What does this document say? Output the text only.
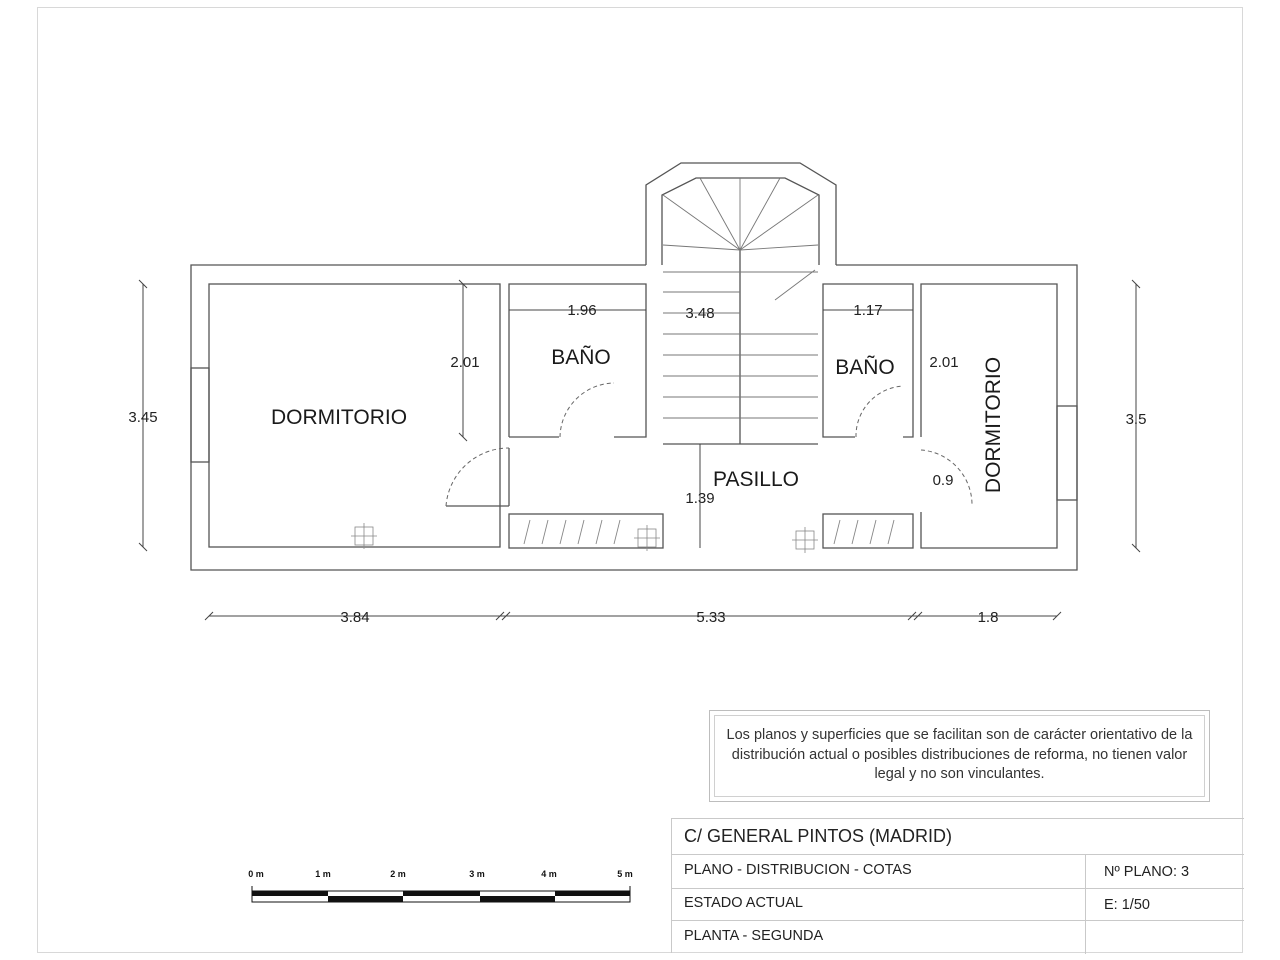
DORMITORIO
BAÑO	BAÑO
PASILLO	DORMITORIO
3.45	3.5
3.84	5.33	1.8
2.01	2.01
1.96	3.48	1.17
1.39
0.9
0 m	1 m	2 m	3 m	4 m	5 m
Los planos y superficies que se facilitan son de carácter orientativo de la distribución actual o posibles distribuciones de reforma, no tienen valor legal y no son vinculantes.
C/ GENERAL PINTOS (MADRID)
PLANO - DISTRIBUCION - COTAS	Nº PLANO: 3
ESTADO ACTUAL	E: 1/50
PLANTA - SEGUNDA
